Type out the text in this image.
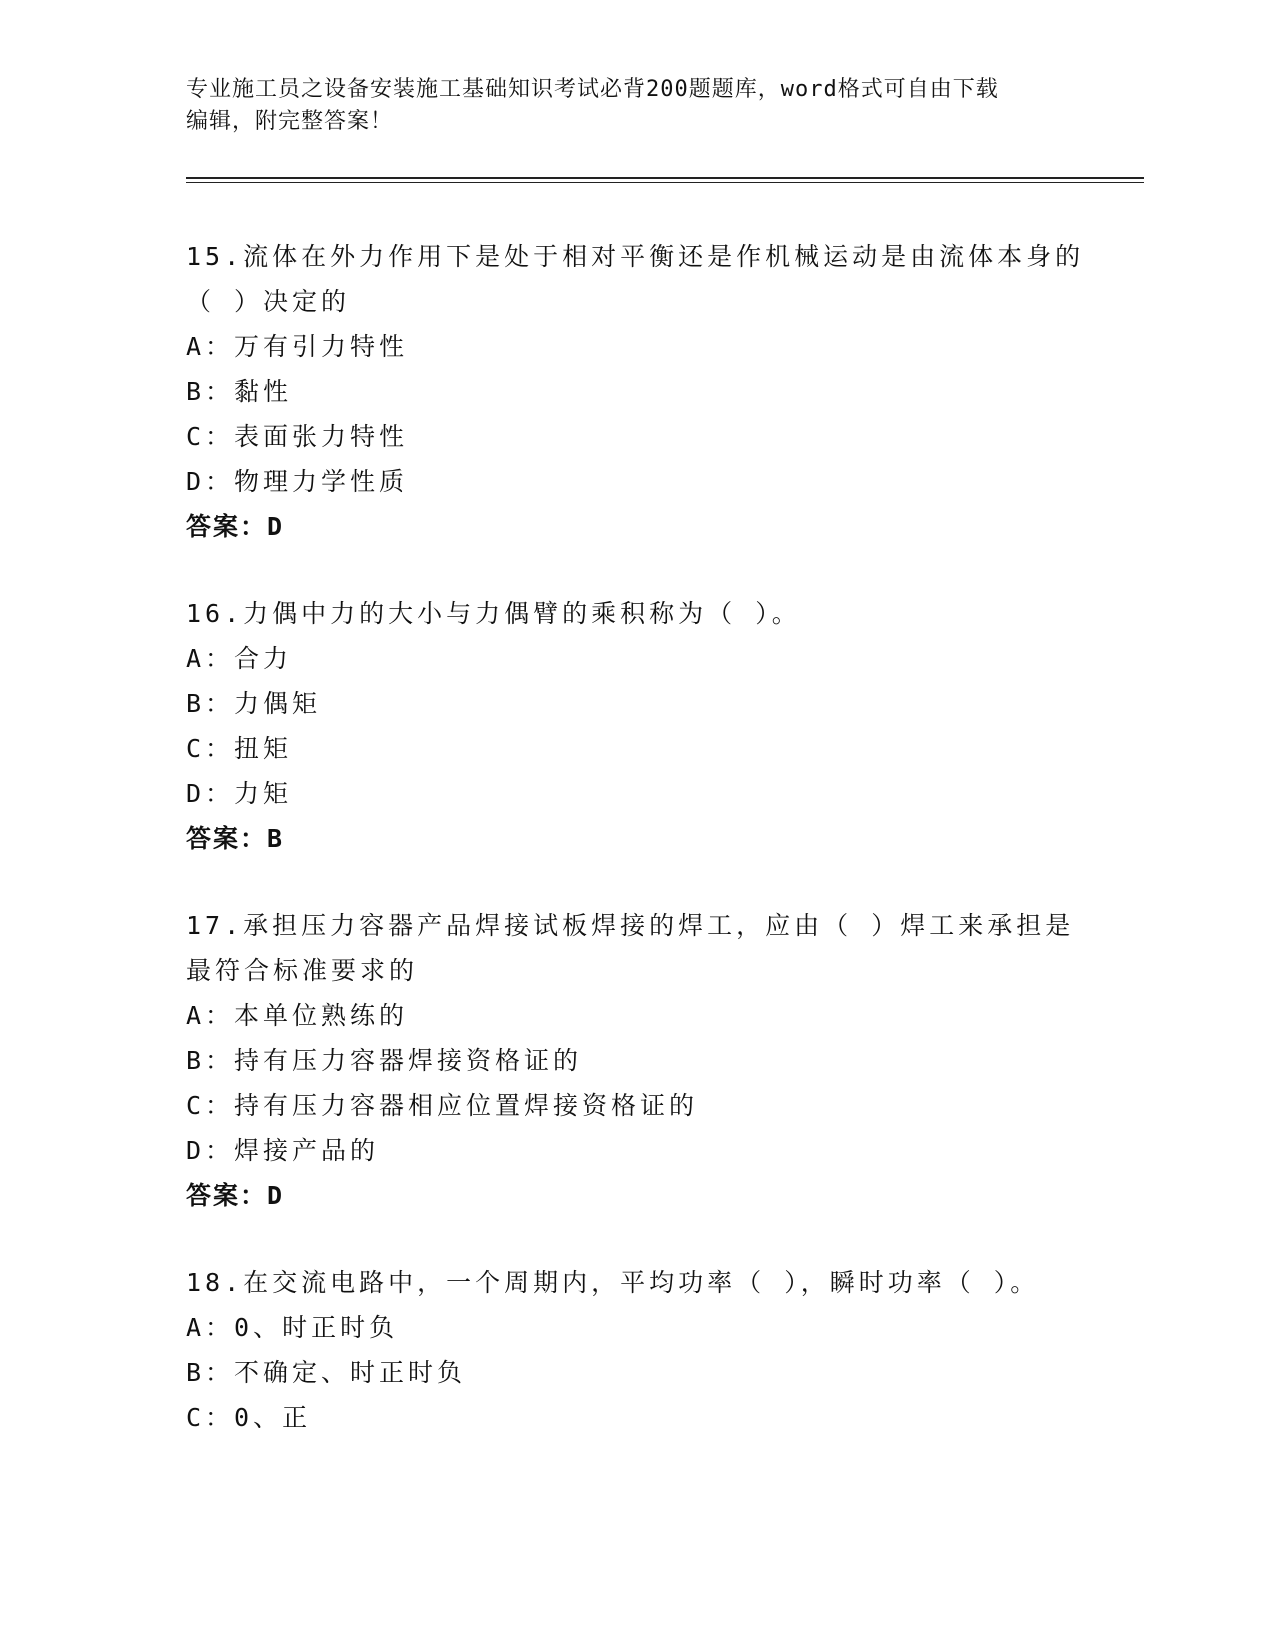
专业施工员之设备安装施工基础知识考试必背200题题库，word格式可自由下载
编辑，附完整答案！

15.流体在外力作用下是处于相对平衡还是作机械运动是由流体本身的

（ ）决定的

A：万有引力特性

B：黏性

C：表面张力特性

D：物理力学性质

答案：D

16.力偶中力的大小与力偶臂的乘积称为（ ）。

A：合力

B：力偶矩

C：扭矩

D：力矩

答案：B

17.承担压力容器产品焊接试板焊接的焊工，应由（ ）焊工来承担是

最符合标准要求的

A：本单位熟练的

B：持有压力容器焊接资格证的

C：持有压力容器相应位置焊接资格证的

D：焊接产品的

答案：D

18.在交流电路中，一个周期内，平均功率（ ），瞬时功率（ ）。

A：0、时正时负

B：不确定、时正时负

C：0、正
